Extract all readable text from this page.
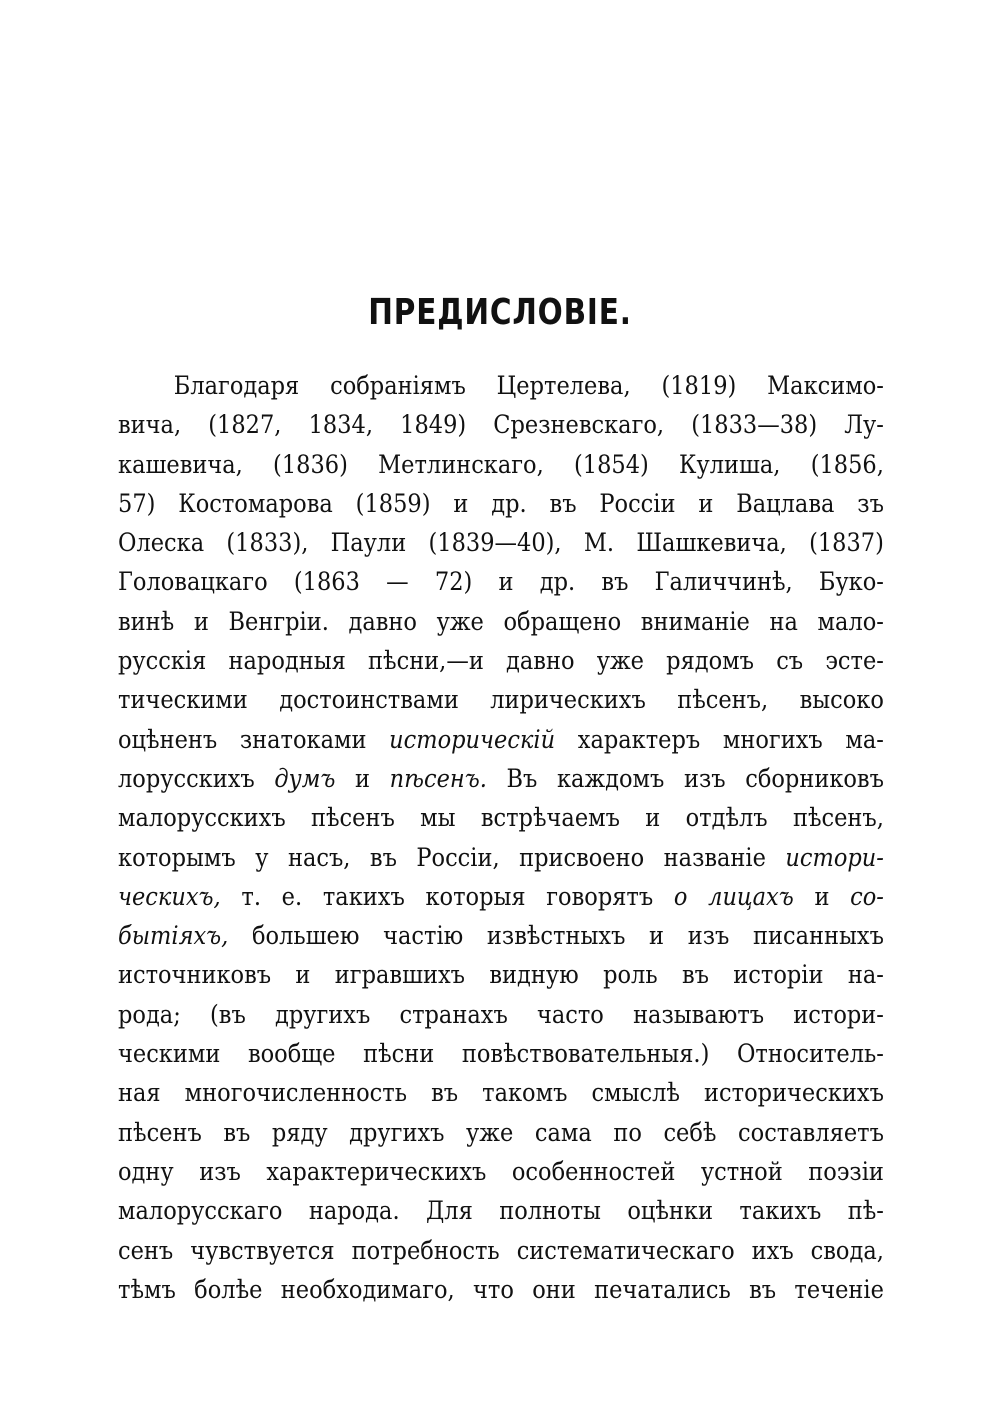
ПРЕДИСЛОВІЕ.
Благодаря собраніямъ Цертелева, (1819) Максимо-
вича, (1827, 1834, 1849) Срезневскаго, (1833—38) Лу-
кашевича, (1836) Метлинскаго, (1854) Кулиша, (1856,
57) Костомарова (1859) и др. въ Россіи и Вацлава зъ
Олеска (1833), Паули (1839—40), М. Шашкевича, (1837)
Головацкаго (1863 — 72) и др. въ Галиччинѣ, Буко-
винѣ и Венгріи. давно уже обращено вниманіе на мало-
русскія народныя пѣсни,—и давно уже рядомъ съ эсте-
тическими достоинствами лирическихъ пѣсенъ, высоко
оцѣненъ знатоками историческій характеръ многихъ ма-
лорусскихъ думъ и пѣсенъ. Въ каждомъ изъ сборниковъ
малорусскихъ пѣсенъ мы встрѣчаемъ и отдѣлъ пѣсенъ,
которымъ у насъ, въ Россіи, присвоено названіе истори-
ческихъ, т. е. такихъ которыя говорятъ о лицахъ и со-
бытіяхъ, большею частію извѣстныхъ и изъ писанныхъ
источниковъ и игравшихъ видную роль въ исторіи на-
рода; (въ другихъ странахъ часто называютъ истори-
ческими вообще пѣсни повѣствовательныя.) Относитель-
ная многочисленность въ такомъ смыслѣ историческихъ
пѣсенъ въ ряду другихъ уже сама по себѣ составляетъ
одну изъ характерическихъ особенностей устной поэзіи
малорусскаго народа. Для полноты оцѣнки такихъ пѣ-
сенъ чувствуется потребность систематическаго ихъ свода,
тѣмъ болѣе необходимаго, что они печатались въ теченіе
